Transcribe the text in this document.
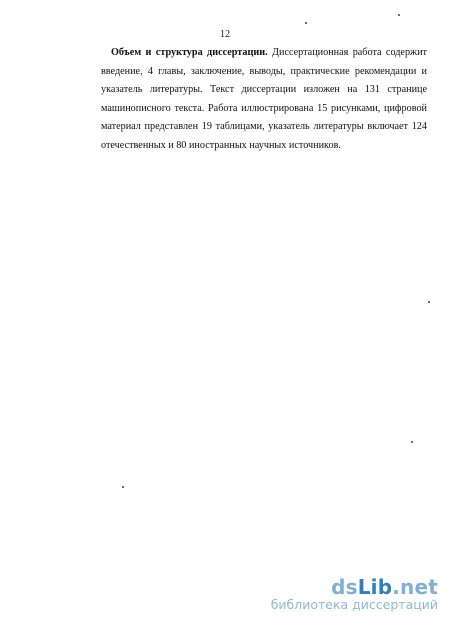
12

Объем и структура диссертации. Диссертационная работа содержит введение, 4 главы, заключение, выводы, практические рекомендации и указатель литературы. Текст диссертации изложен на 131 странице машинописного текста. Работа иллюстрирована 15 рисунками, цифровой материал представлен 19 таблицами, указатель литературы включает 124 отечественных и 80 иностранных научных источников.

dsLib.net
библиотека диссертаций
